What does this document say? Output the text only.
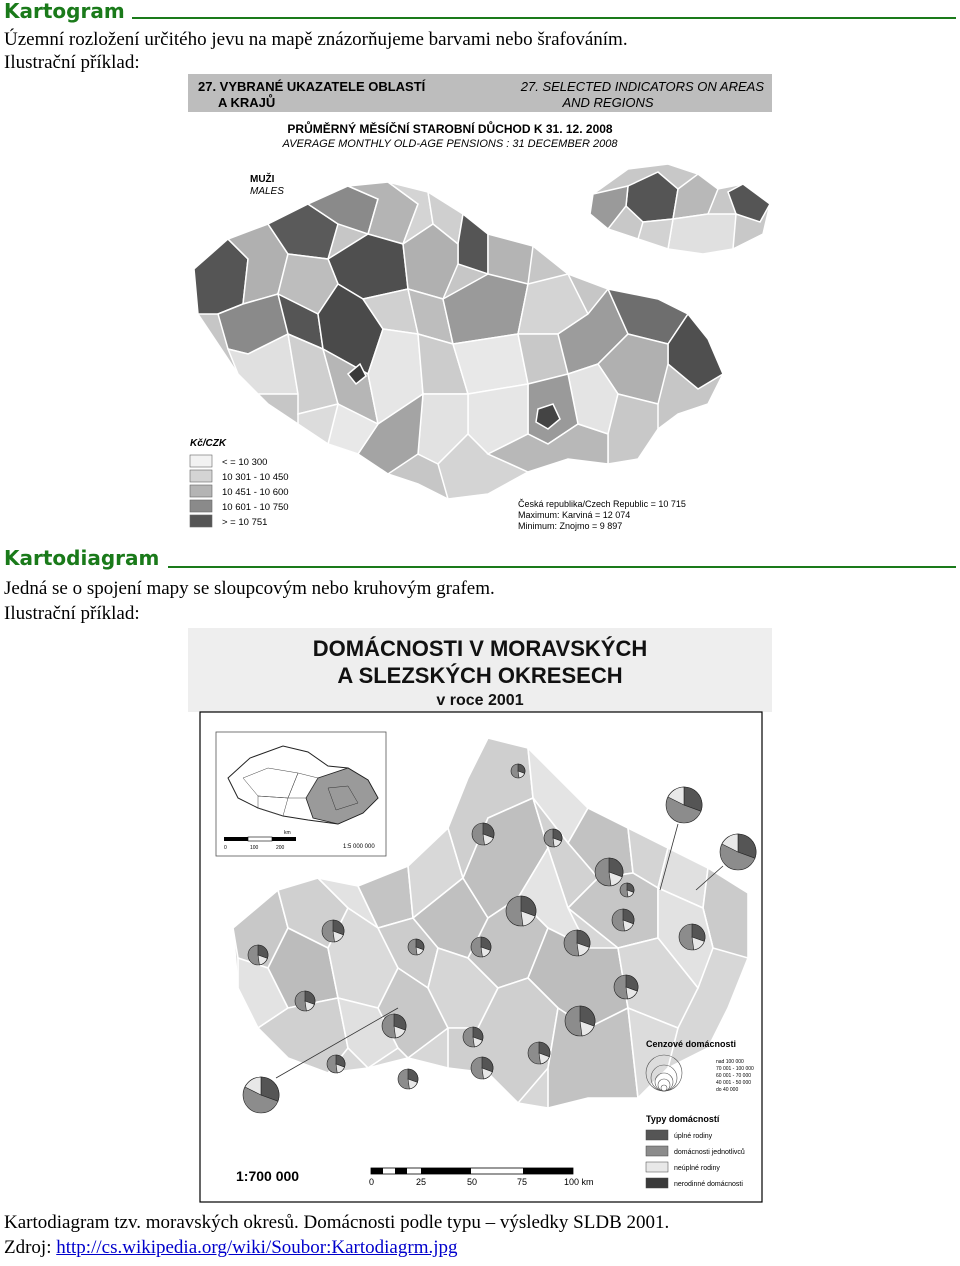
Kartogram
Územní rozložení určitého jevu na mapě znázorňujeme barvami nebo šrafováním.
Ilustrační příklad:
27. VYBRANÉ UKAZATELE OBLASTÍ
A KRAJŮ
27. SELECTED INDICATORS ON AREAS
AND REGIONS
PRŮMĚRNÝ MĚSÍČNÍ STAROBNÍ DŮCHOD K 31. 12. 2008
AVERAGE MONTHLY OLD-AGE PENSIONS : 31 DECEMBER 2008
MUŽI
MALES
Kč/CZK
< = 10 300
10 301 - 10 450
10 451 - 10 600
10 601 - 10 750
> = 10 751
Česká republika/Czech Republic = 10 715
Maximum: Karviná = 12 074
Minimum: Znojmo = 9 897
Kartodiagram
Jedná se o spojení mapy se sloupcovým nebo kruhovým grafem.
Ilustrační příklad:
DOMÁCNOSTI V MORAVSKÝCH
A SLEZSKÝCH OKRESECH
v roce 2001
0	100	200
km
1:5 000 000
Cenzové domácnosti
nad 100 000
70 001 - 100 000
60 001 - 70 000
40 001 - 50 000
do 40 000
Typy domácností
úplné rodiny
domácnosti jednotlivců
neúplné rodiny
nerodinné domácnosti
1:700 000	0	25	50	75	100 km
Kartodiagram tzv. moravských okresů. Domácnosti podle typu – výsledky SLDB 2001.
Zdroj: http://cs.wikipedia.org/wiki/Soubor:Kartodiagrm.jpg
